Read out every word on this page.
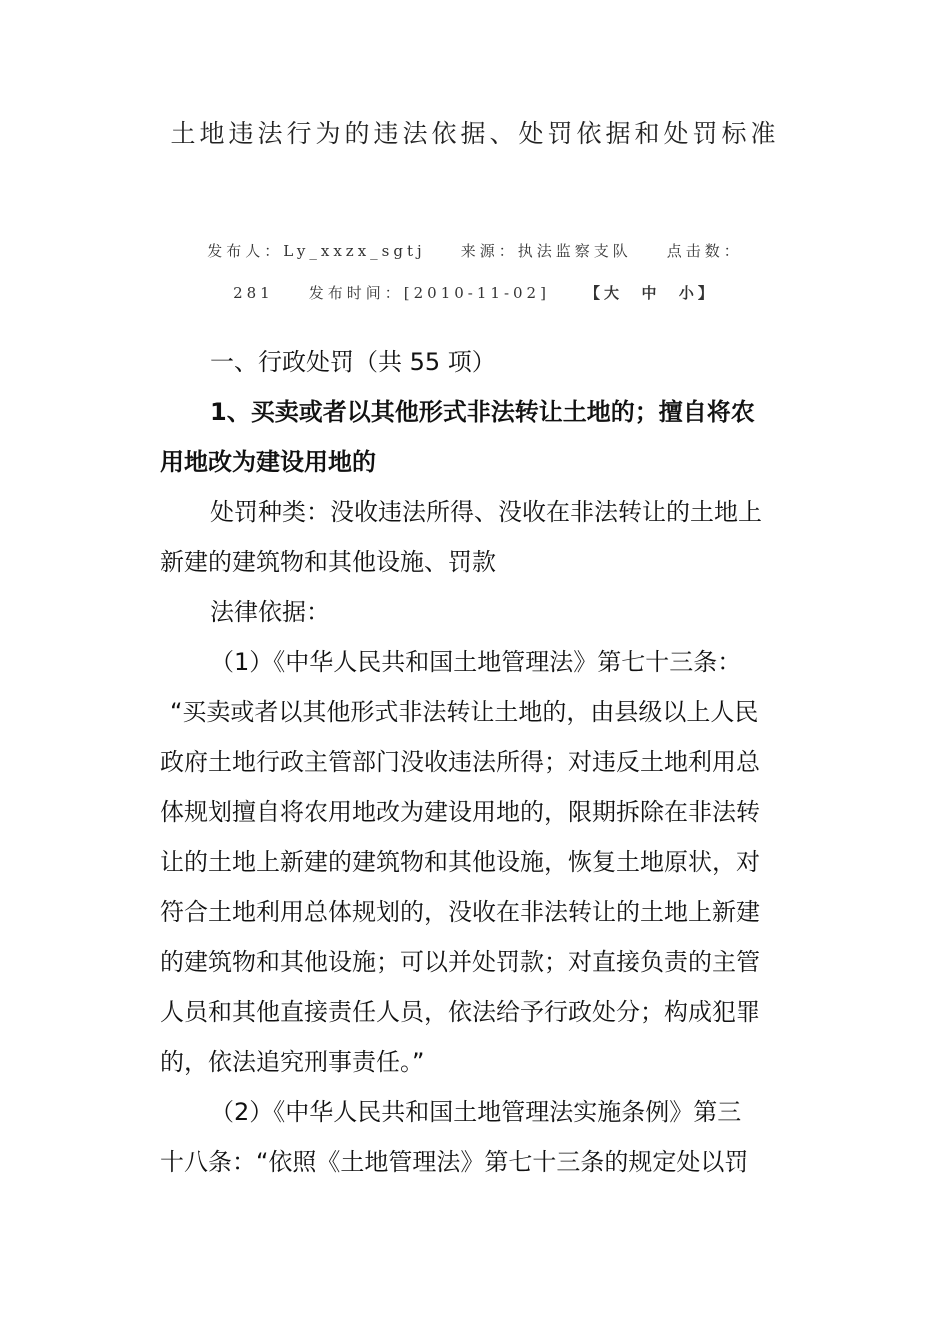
土地违法行为的违法依据、处罚依据和处罚标准
发布人：Ly_xxzx_sgtj    来源：执法监察支队    点击数：
281    发布时间：[2010-11-02]    【大  中  小】
一、行政处罚（共 55 项）
1、买卖或者以其他形式非法转让土地的；擅自将农
用地改为建设用地的
处罚种类：没收违法所得、没收在非法转让的土地上
新建的建筑物和其他设施、罚款
法律依据：
（1）《中华人民共和国土地管理法》第七十三条：
“买卖或者以其他形式非法转让土地的，由县级以上人民
政府土地行政主管部门没收违法所得；对违反土地利用总
体规划擅自将农用地改为建设用地的，限期拆除在非法转
让的土地上新建的建筑物和其他设施，恢复土地原状，对
符合土地利用总体规划的，没收在非法转让的土地上新建
的建筑物和其他设施；可以并处罚款；对直接负责的主管
人员和其他直接责任人员，依法给予行政处分；构成犯罪
的，依法追究刑事责任。”
（2）《中华人民共和国土地管理法实施条例》第三
十八条：“依照《土地管理法》第七十三条的规定处以罚
